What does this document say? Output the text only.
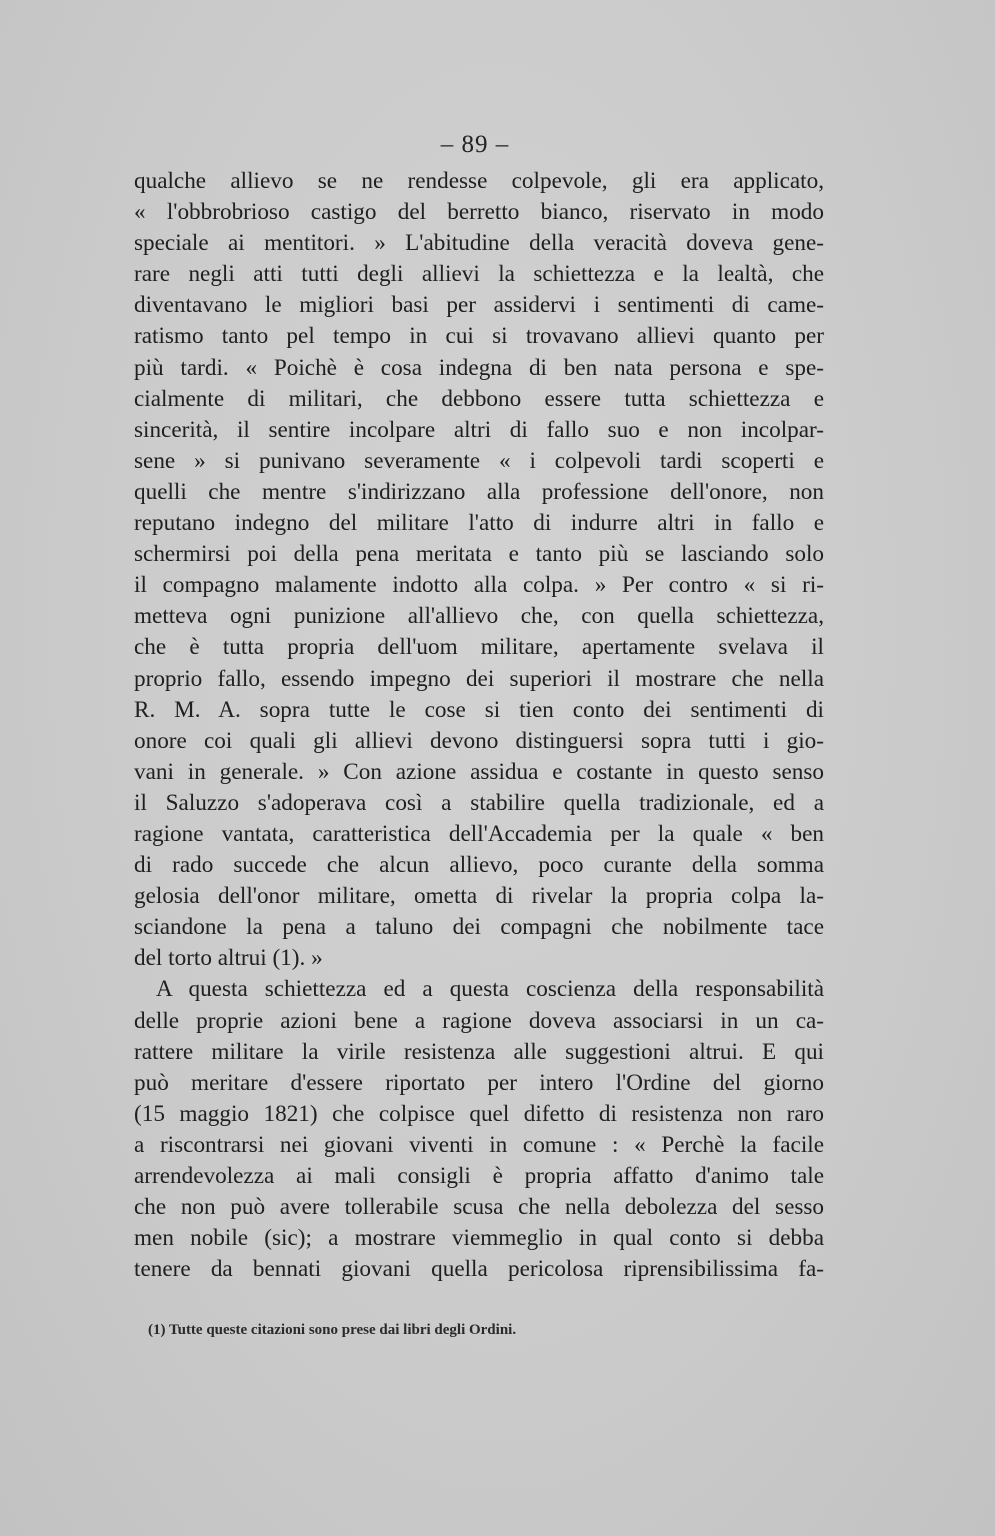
– 89 –
qualche allievo se ne rendesse colpevole, gli era applicato,
« l'obbrobrioso castigo del berretto bianco, riservato in modo
speciale ai mentitori. » L'abitudine della veracità doveva gene-
rare negli atti tutti degli allievi la schiettezza e la lealtà, che
diventavano le migliori basi per assidervi i sentimenti di came-
ratismo tanto pel tempo in cui si trovavano allievi quanto per
più tardi. « Poichè è cosa indegna di ben nata persona e spe-
cialmente di militari, che debbono essere tutta schiettezza e
sincerità, il sentire incolpare altri di fallo suo e non incolpar-
sene » si punivano severamente « i colpevoli tardi scoperti e
quelli che mentre s'indirizzano alla professione dell'onore, non
reputano indegno del militare l'atto di indurre altri in fallo e
schermirsi poi della pena meritata e tanto più se lasciando solo
il compagno malamente indotto alla colpa. » Per contro « si ri-
metteva ogni punizione all'allievo che, con quella schiettezza,
che è tutta propria dell'uom militare, apertamente svelava il
proprio fallo, essendo impegno dei superiori il mostrare che nella
R. M. A. sopra tutte le cose si tien conto dei sentimenti di
onore coi quali gli allievi devono distinguersi sopra tutti i gio-
vani in generale. » Con azione assidua e costante in questo senso
il Saluzzo s'adoperava così a stabilire quella tradizionale, ed a
ragione vantata, caratteristica dell'Accademia per la quale « ben
di rado succede che alcun allievo, poco curante della somma
gelosia dell'onor militare, ometta di rivelar la propria colpa la-
sciandone la pena a taluno dei compagni che nobilmente tace
del torto altrui (1). »
A questa schiettezza ed a questa coscienza della responsabilità
delle proprie azioni bene a ragione doveva associarsi in un ca-
rattere militare la virile resistenza alle suggestioni altrui. E qui
può meritare d'essere riportato per intero l'Ordine del giorno
(15 maggio 1821) che colpisce quel difetto di resistenza non raro
a riscontrarsi nei giovani viventi in comune : « Perchè la facile
arrendevolezza ai mali consigli è propria affatto d'animo tale
che non può avere tollerabile scusa che nella debolezza del sesso
men nobile (sic); a mostrare viemmeglio in qual conto si debba
tenere da bennati giovani quella pericolosa riprensibilissima fa-
(1) Tutte queste citazioni sono prese dai libri degli Ordini.
